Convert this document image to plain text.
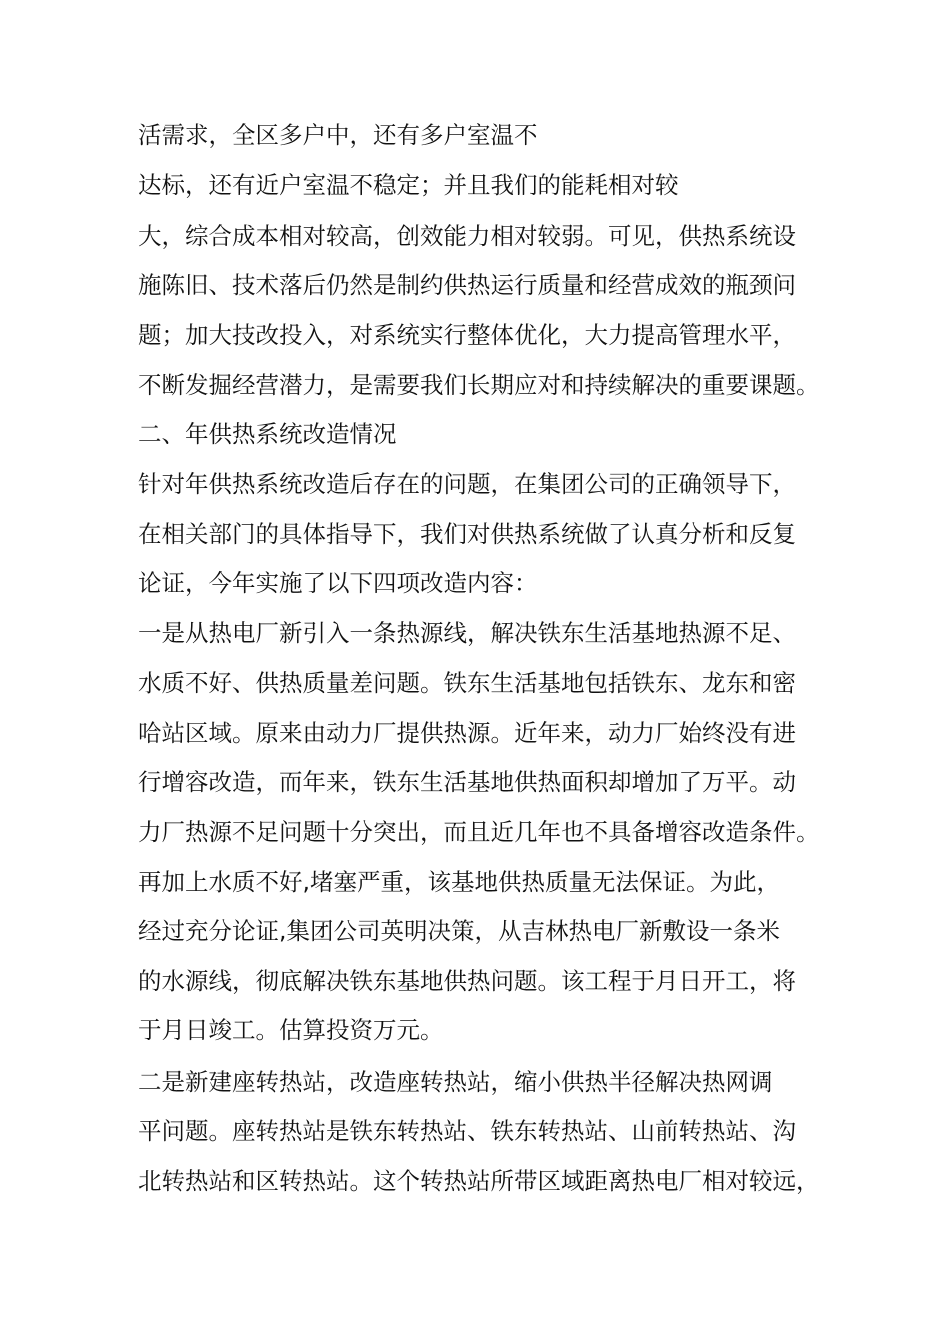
活需求，全区多户中，还有多户室温不
达标，还有近户室温不稳定；并且我们的能耗相对较
大，综合成本相对较高，创效能力相对较弱。可见，供热系统设
施陈旧、技术落后仍然是制约供热运行质量和经营成效的瓶颈问
题；加大技改投入，对系统实行整体优化，大力提高管理水平，
不断发掘经营潜力，是需要我们长期应对和持续解决的重要课题。
二、年供热系统改造情况
针对年供热系统改造后存在的问题，在集团公司的正确领导下，
在相关部门的具体指导下，我们对供热系统做了认真分析和反复
论证，今年实施了以下四项改造内容：
一是从热电厂新引入一条热源线，解决铁东生活基地热源不足、
水质不好、供热质量差问题。铁东生活基地包括铁东、龙东和密
哈站区域。原来由动力厂提供热源。近年来，动力厂始终没有进
行增容改造，而年来，铁东生活基地供热面积却增加了万平。动
力厂热源不足问题十分突出，而且近几年也不具备增容改造条件。
再加上水质不好,堵塞严重，该基地供热质量无法保证。为此，
经过充分论证,集团公司英明决策，从吉林热电厂新敷设一条米
的水源线，彻底解决铁东基地供热问题。该工程于月日开工，将
于月日竣工。估算投资万元。
二是新建座转热站，改造座转热站，缩小供热半径解决热网调
平问题。座转热站是铁东转热站、铁东转热站、山前转热站、沟
北转热站和区转热站。这个转热站所带区域距离热电厂相对较远，
